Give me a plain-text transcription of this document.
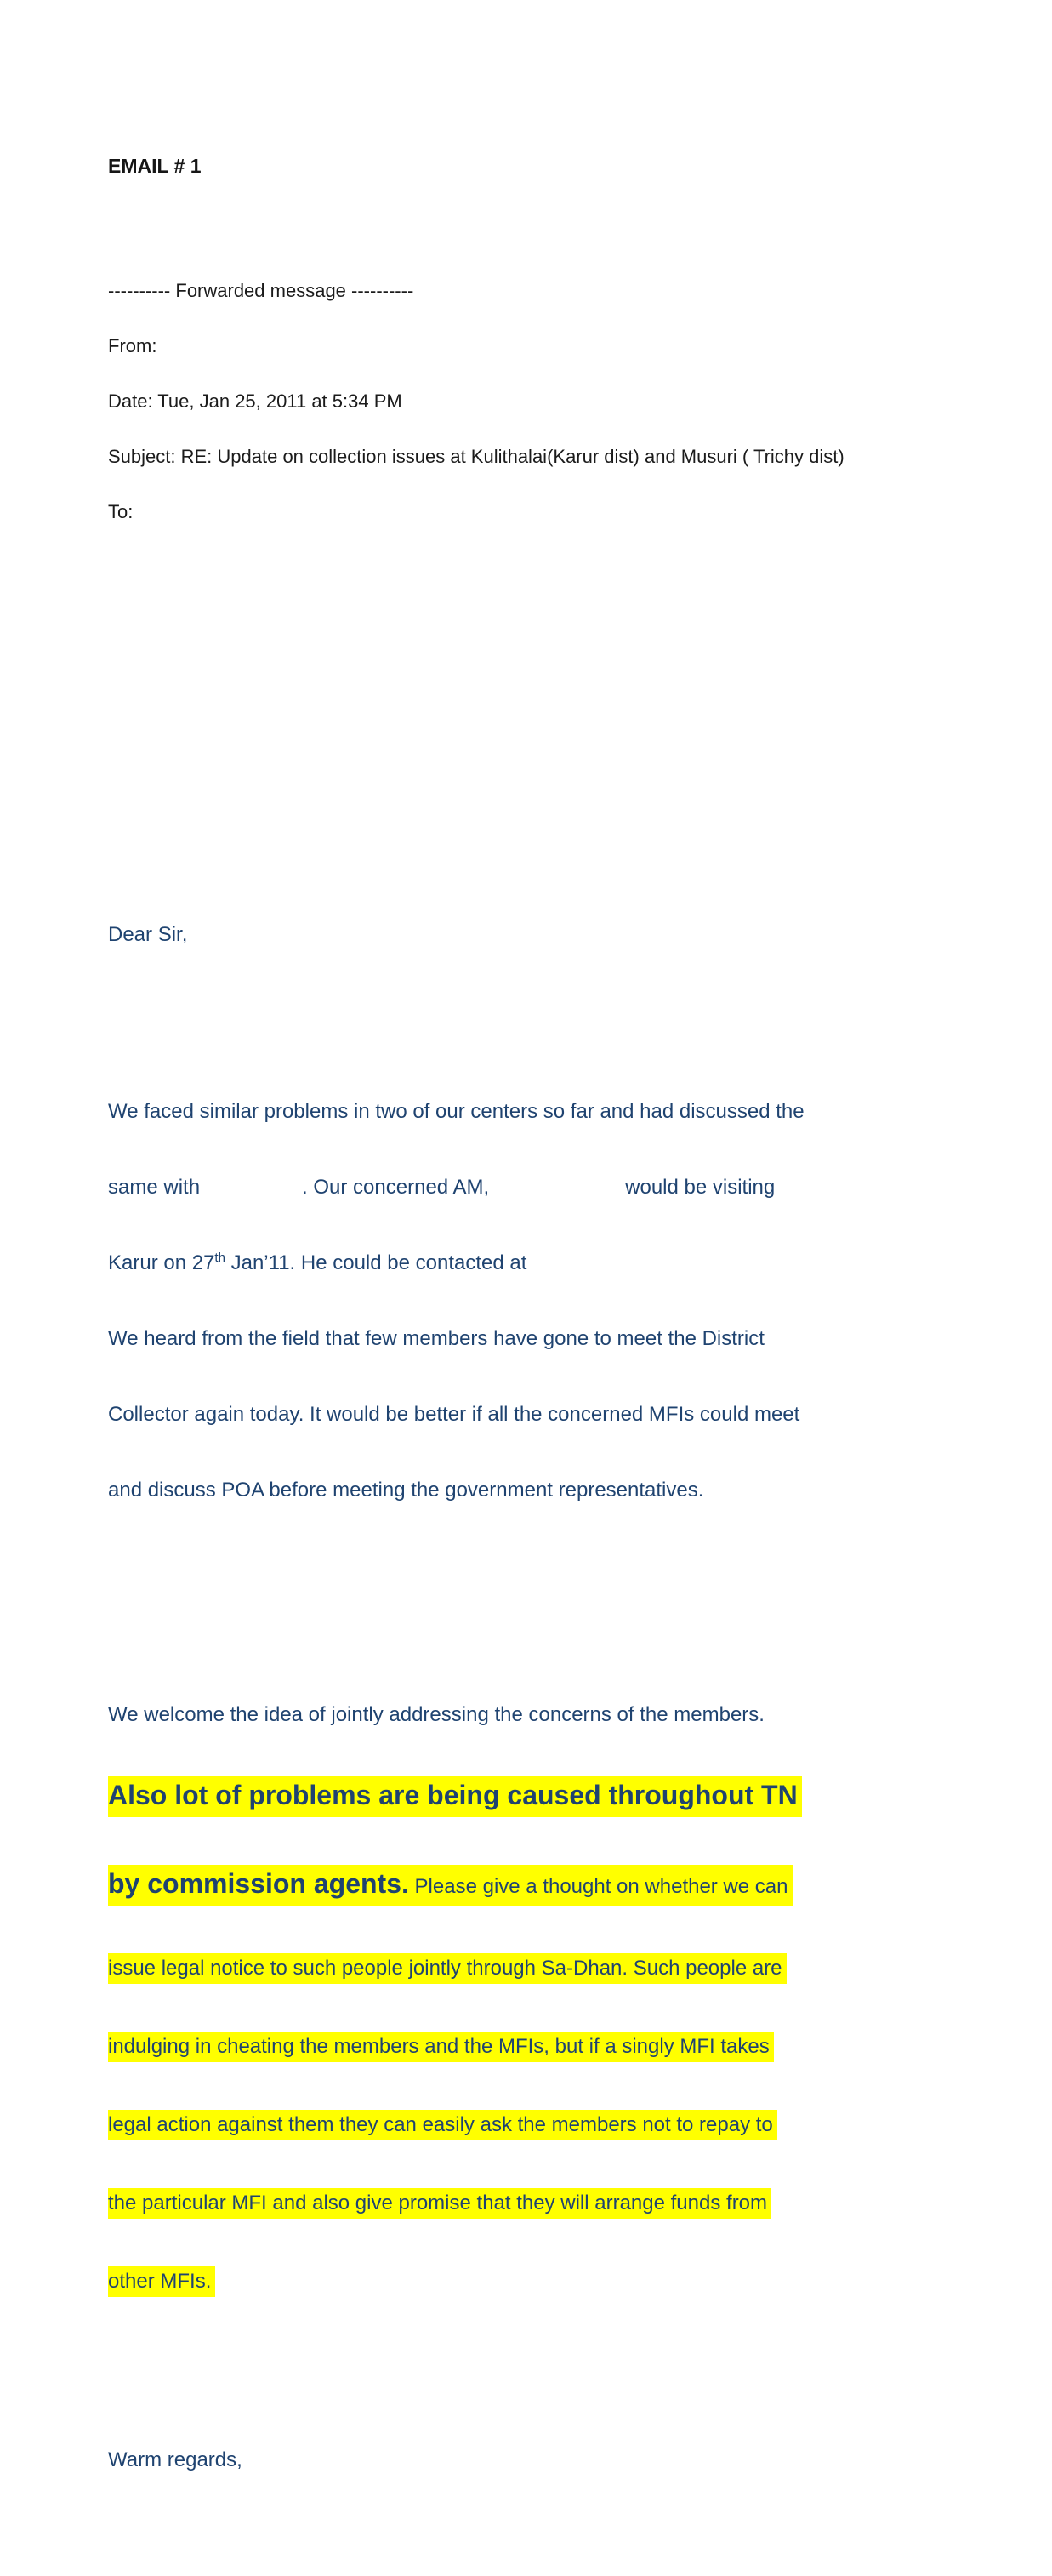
EMAIL # 1

---------- Forwarded message ----------

From:

Date: Tue, Jan 25, 2011 at 5:34 PM

Subject: RE: Update on collection issues at Kulithalai(Karur dist) and Musuri ( Trichy dist)

To:

Dear Sir,

We faced similar problems in two of our centers so far and had discussed the

same with	. Our concerned AM,	would be visiting

Karur on 27th Jan’11. He could be contacted at

We heard from the field that few members have gone to meet the District

Collector again today. It would be better if all the concerned MFIs could meet

and discuss POA before meeting the government representatives.

We welcome the idea of jointly addressing the concerns of the members.

Also lot of problems are being caused throughout TN

by commission agents. Please give a thought on whether we can

issue legal notice to such people jointly through Sa-Dhan. Such people are

indulging in cheating the members and the MFIs, but if a singly MFI takes

legal action against them they can easily ask the members not to repay to

the particular MFI and also give promise that they will arrange funds from

other MFIs.

Warm regards,
